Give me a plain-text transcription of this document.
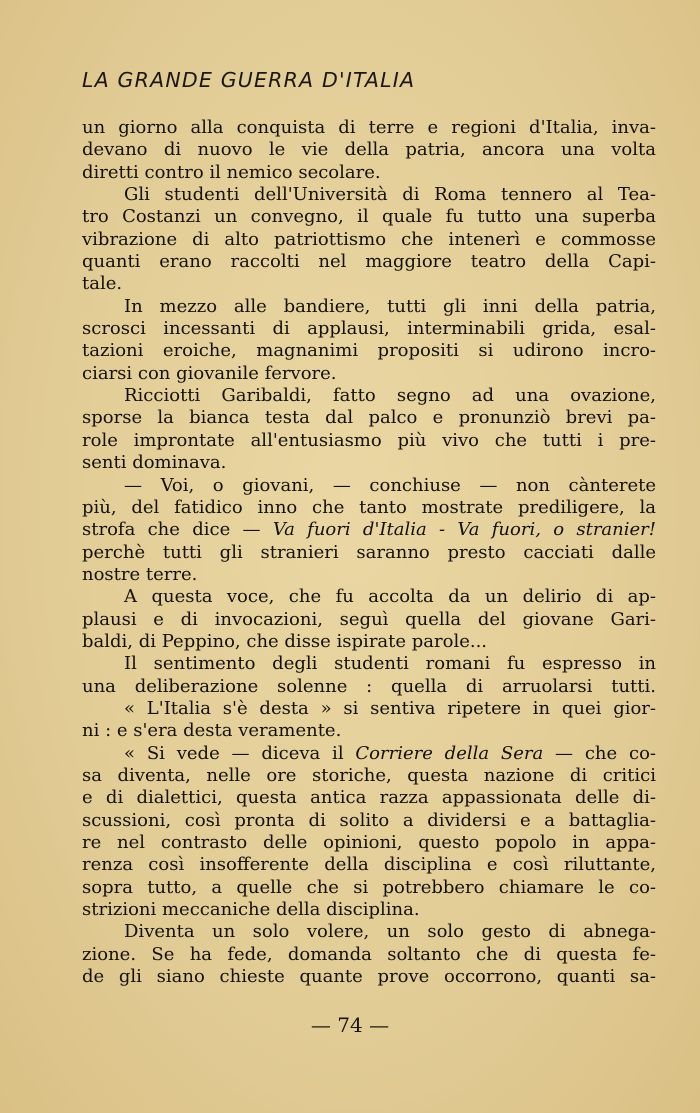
LA GRANDE GUERRA D'ITALIA
un giorno alla conquista di terre e regioni d'Italia, inva-
devano di nuovo le vie della patria, ancora una volta
diretti contro il nemico secolare.
Gli studenti dell'Università di Roma tennero al Tea-
tro Costanzi un convegno, il quale fu tutto una superba
vibrazione di alto patriottismo che intenerì e commosse
quanti erano raccolti nel maggiore teatro della Capi-
tale.
In mezzo alle bandiere, tutti gli inni della patria,
scrosci incessanti di applausi, interminabili grida, esal-
tazioni eroiche, magnanimi propositi si udirono incro-
ciarsi con giovanile fervore.
Ricciotti Garibaldi, fatto segno ad una ovazione,
sporse la bianca testa dal palco e pronunziò brevi pa-
role improntate all'entusiasmo più vivo che tutti i pre-
senti dominava.
— Voi, o giovani, — conchiuse — non cànterete
più, del fatidico inno che tanto mostrate prediligere, la
strofa che dice — Va fuori d'Italia - Va fuori, o stranier!
perchè tutti gli stranieri saranno presto cacciati dalle
nostre terre.
A questa voce, che fu accolta da un delirio di ap-
plausi e di invocazioni, seguì quella del giovane Gari-
baldi, di Peppino, che disse ispirate parole...
Il sentimento degli studenti romani fu espresso in
una deliberazione solenne : quella di arruolarsi tutti.
« L'Italia s'è desta » si sentiva ripetere in quei gior-
ni : e s'era desta veramente.
« Si vede — diceva il Corriere della Sera — che co-
sa diventa, nelle ore storiche, questa nazione di critici
e di dialettici, questa antica razza appassionata delle di-
scussioni, così pronta di solito a dividersi e a battaglia-
re nel contrasto delle opinioni, questo popolo in appa-
renza così insofferente della disciplina e così riluttante,
sopra tutto, a quelle che si potrebbero chiamare le co-
strizioni meccaniche della disciplina.
Diventa un solo volere, un solo gesto di abnega-
zione. Se ha fede, domanda soltanto che di questa fe-
de gli siano chieste quante prove occorrono, quanti sa-
— 74 —
